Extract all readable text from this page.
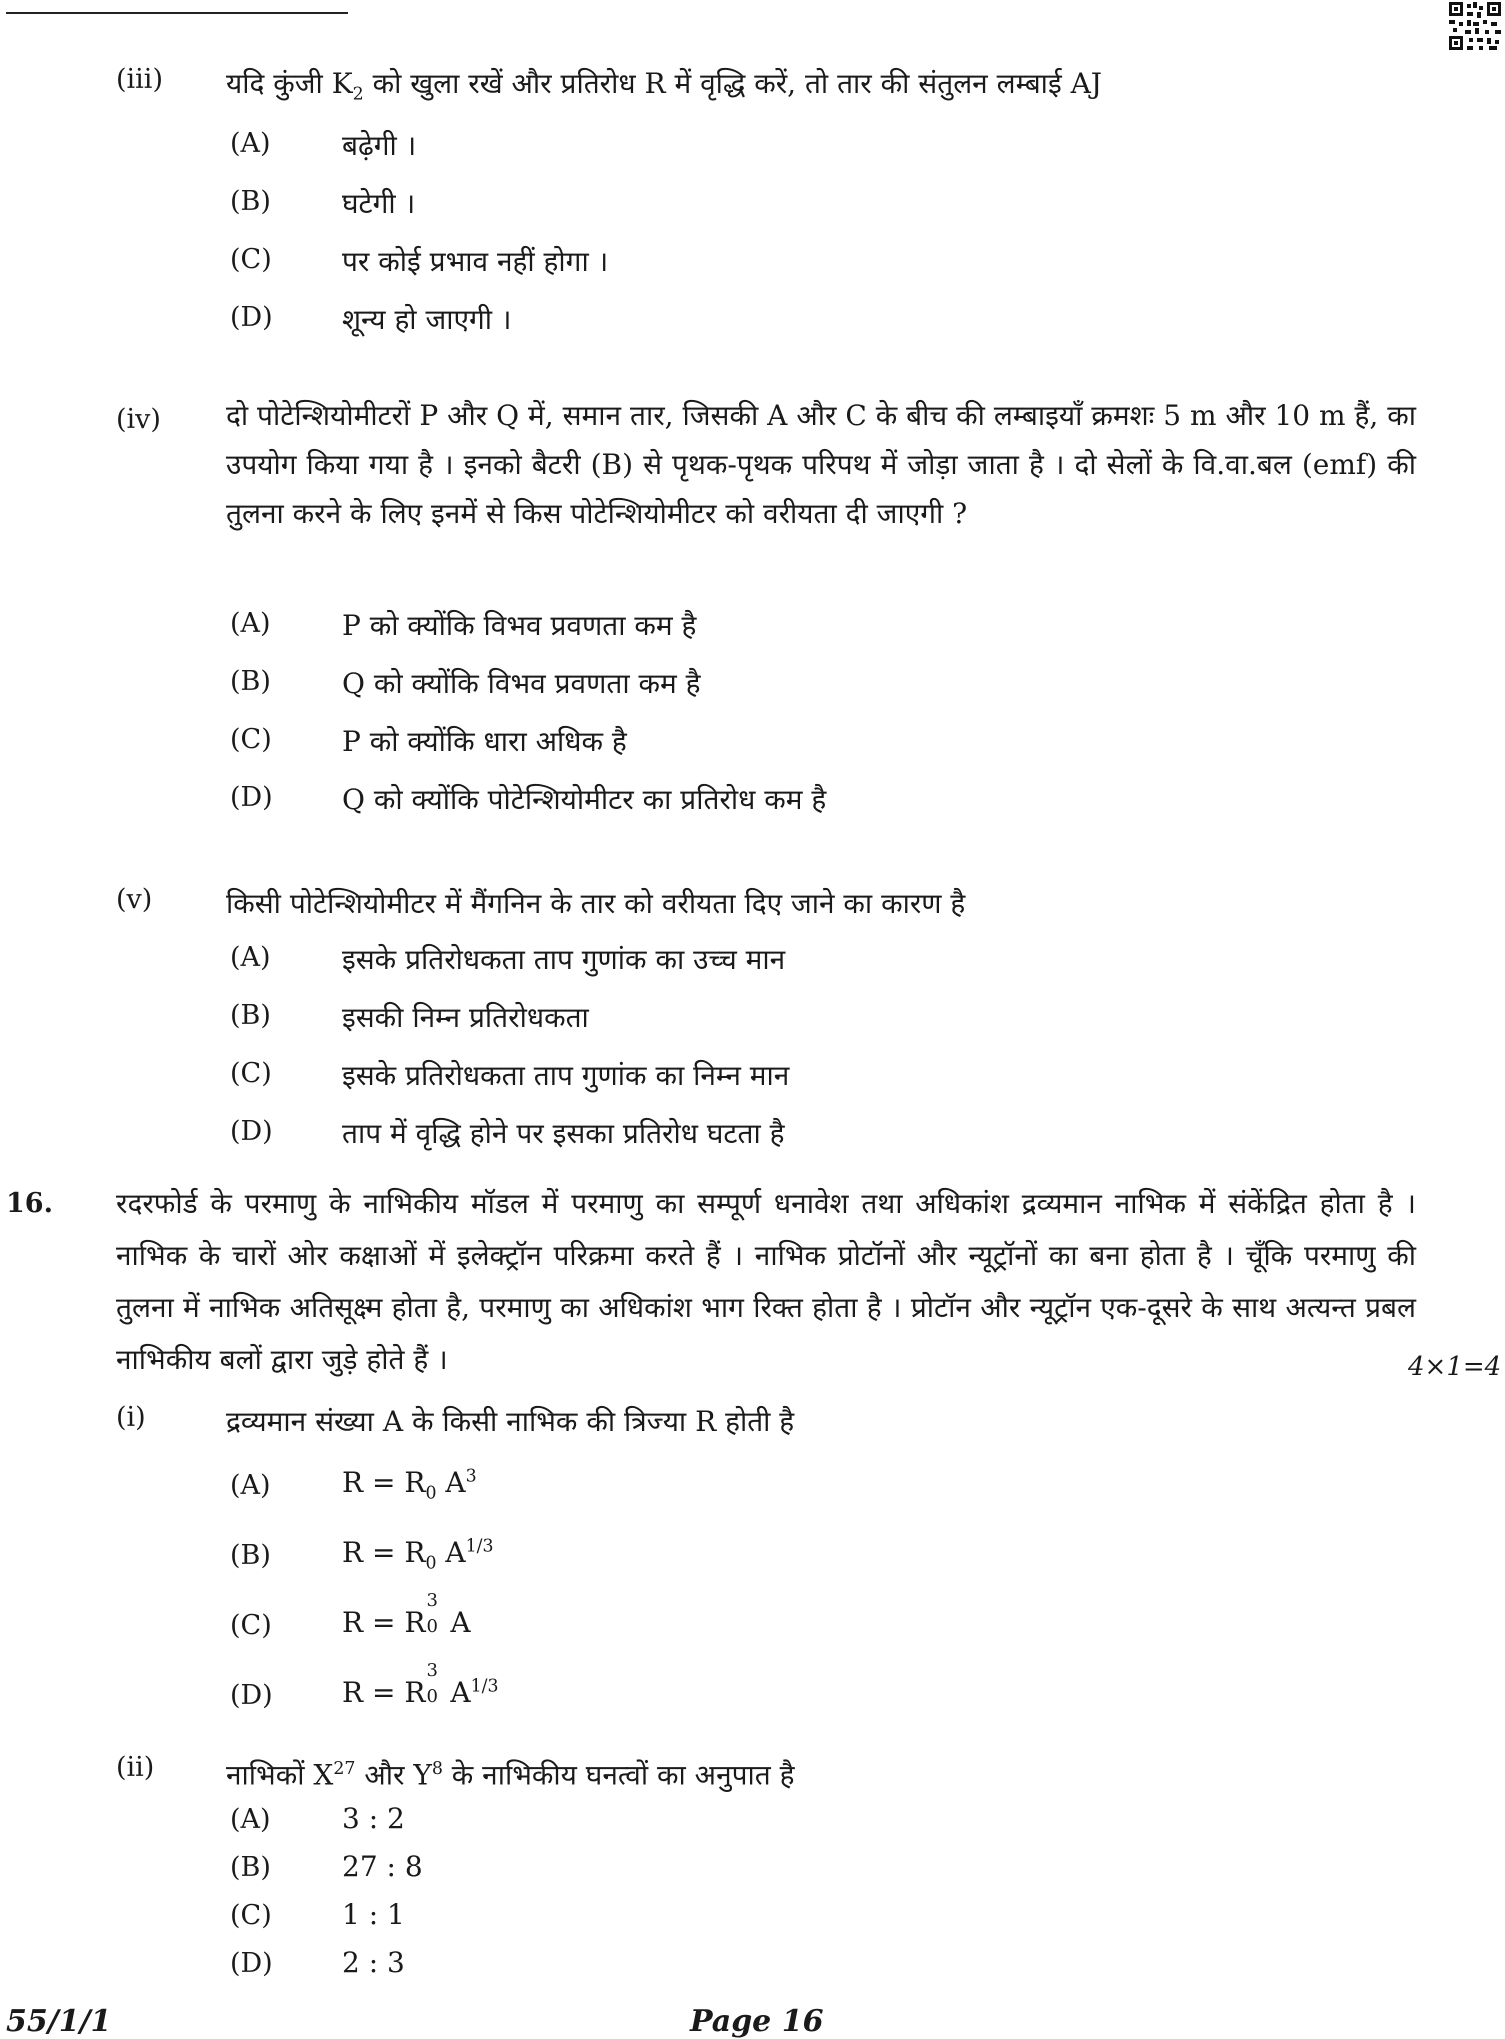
(iii) यदि कुंजी $K_2$ को खुला रखें और प्रतिरोध R में वृद्धि करें, तो तार की संतुलन लम्बाई AJ
(A)	बढ़ेगी ।
(B)	घटेगी ।
(C)	पर कोई प्रभाव नहीं होगा ।
(D) शून्य हो जाएगी ।
(iv) दो पोटेन्शियोमीटरों P और Q में, समान तार, जिसकी A और C के बीच की लम्बाइयाँ क्रमशः 5 m और 10 m हैं, का उपयोग किया गया है । इनको बैटरी (B) से पृथक-पृथक परिपथ में जोड़ा जाता है । दो सेलों के वि.वा.बल (emf) की तुलना करने के लिए इनमें से किस पोटेन्शियोमीटर को वरीयता दी जाएगी ?
(A)	P को क्योंकि विभव प्रवणता कम है
(B)	Q को क्योंकि विभव प्रवणता कम है
(C)	P को क्योंकि धारा अधिक है
(D) Q को क्योंकि पोटेन्शियोमीटर का प्रतिरोध कम है
(v)	किसी पोटेन्शियोमीटर में मैंगनिन के तार को वरीयता दिए जाने का कारण है
(A)	इसके प्रतिरोधकता ताप गुणांक का उच्च मान
(B)	इसकी निम्न प्रतिरोधकता
(C)	इसके प्रतिरोधकता ताप गुणांक का निम्न मान
(D) ताप में वृद्धि होने पर इसका प्रतिरोध घटता है
16. रदरफोर्ड के परमाणु के नाभिकीय मॉडल में परमाणु का सम्पूर्ण धनावेश तथा अधिकांश द्रव्यमान नाभिक में संकेंद्रित होता है । नाभिक के चारों ओर कक्षाओं में इलेक्ट्रॉन परिक्रमा करते हैं । नाभिक प्रोटॉनों और न्यूट्रॉनों का बना होता है । चूँकि परमाणु की तुलना में नाभिक अतिसूक्ष्म होता है, परमाणु का अधिकांश भाग रिक्त होता है । प्रोटॉन और न्यूट्रॉन एक-दूसरे के साथ अत्यन्त प्रबल नाभिकीय बलों द्वारा जुड़े होते हैं ।	4×1=4
(i)	द्रव्यमान संख्या A के किसी नाभिक की त्रिज्या R होती है
(A)	$R = R_0$ $A^3$
(B)	$R = R_0$ $A^{1/3}$
(C)	R = R
3
0 A
(D) R = R
3
0 $A^{1/3}$
(ii)	नाभिकों $X^{27}$ और $Y^8$ के नाभिकीय घनत्वों का अनुपात है
(A)	3 : 2
(B)	27 : 8
(C)	1 : 1
(D) 2 : 3
55/1/1	Page 16
